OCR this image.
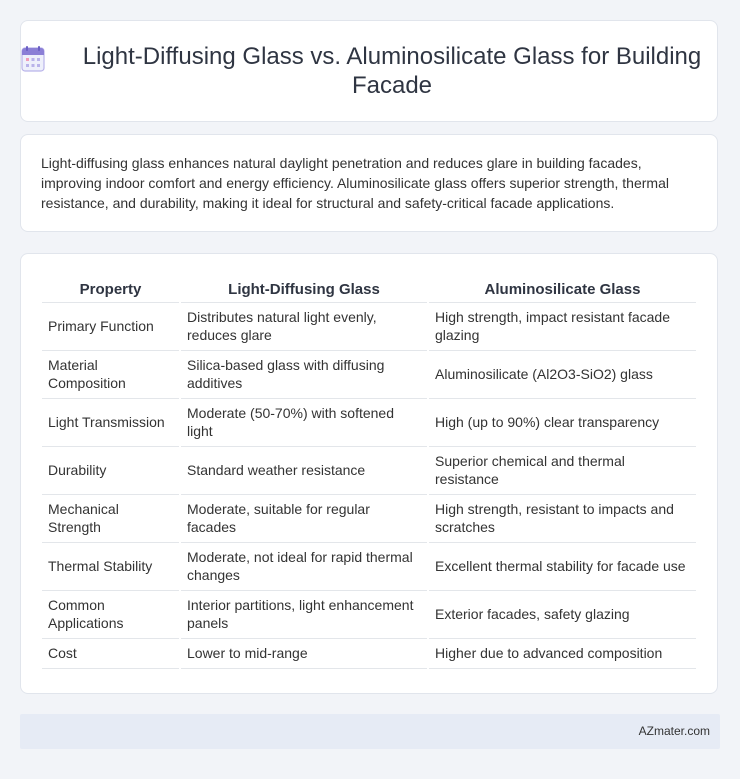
Light-Diffusing Glass vs. Aluminosilicate Glass for Building Facade

Light-diffusing glass enhances natural daylight penetration and reduces glare in building facades, improving indoor comfort and energy efficiency. Aluminosilicate glass offers superior strength, thermal resistance, and durability, making it ideal for structural and safety-critical facade applications.

Property	Light-Diffusing Glass	Aluminosilicate Glass
Primary Function	Distributes natural light evenly, reduces glare	High strength, impact resistant facade glazing
Material Composition	Silica-based glass with diffusing additives	Aluminosilicate (Al2O3-SiO2) glass
Light Transmission	Moderate (50-70%) with softened light	High (up to 90%) clear transparency
Durability	Standard weather resistance	Superior chemical and thermal resistance
Mechanical Strength	Moderate, suitable for regular facades	High strength, resistant to impacts and scratches
Thermal Stability	Moderate, not ideal for rapid thermal changes	Excellent thermal stability for facade use
Common Applications	Interior partitions, light enhancement panels	Exterior facades, safety glazing
Cost	Lower to mid-range	Higher due to advanced composition
AZmater.com
